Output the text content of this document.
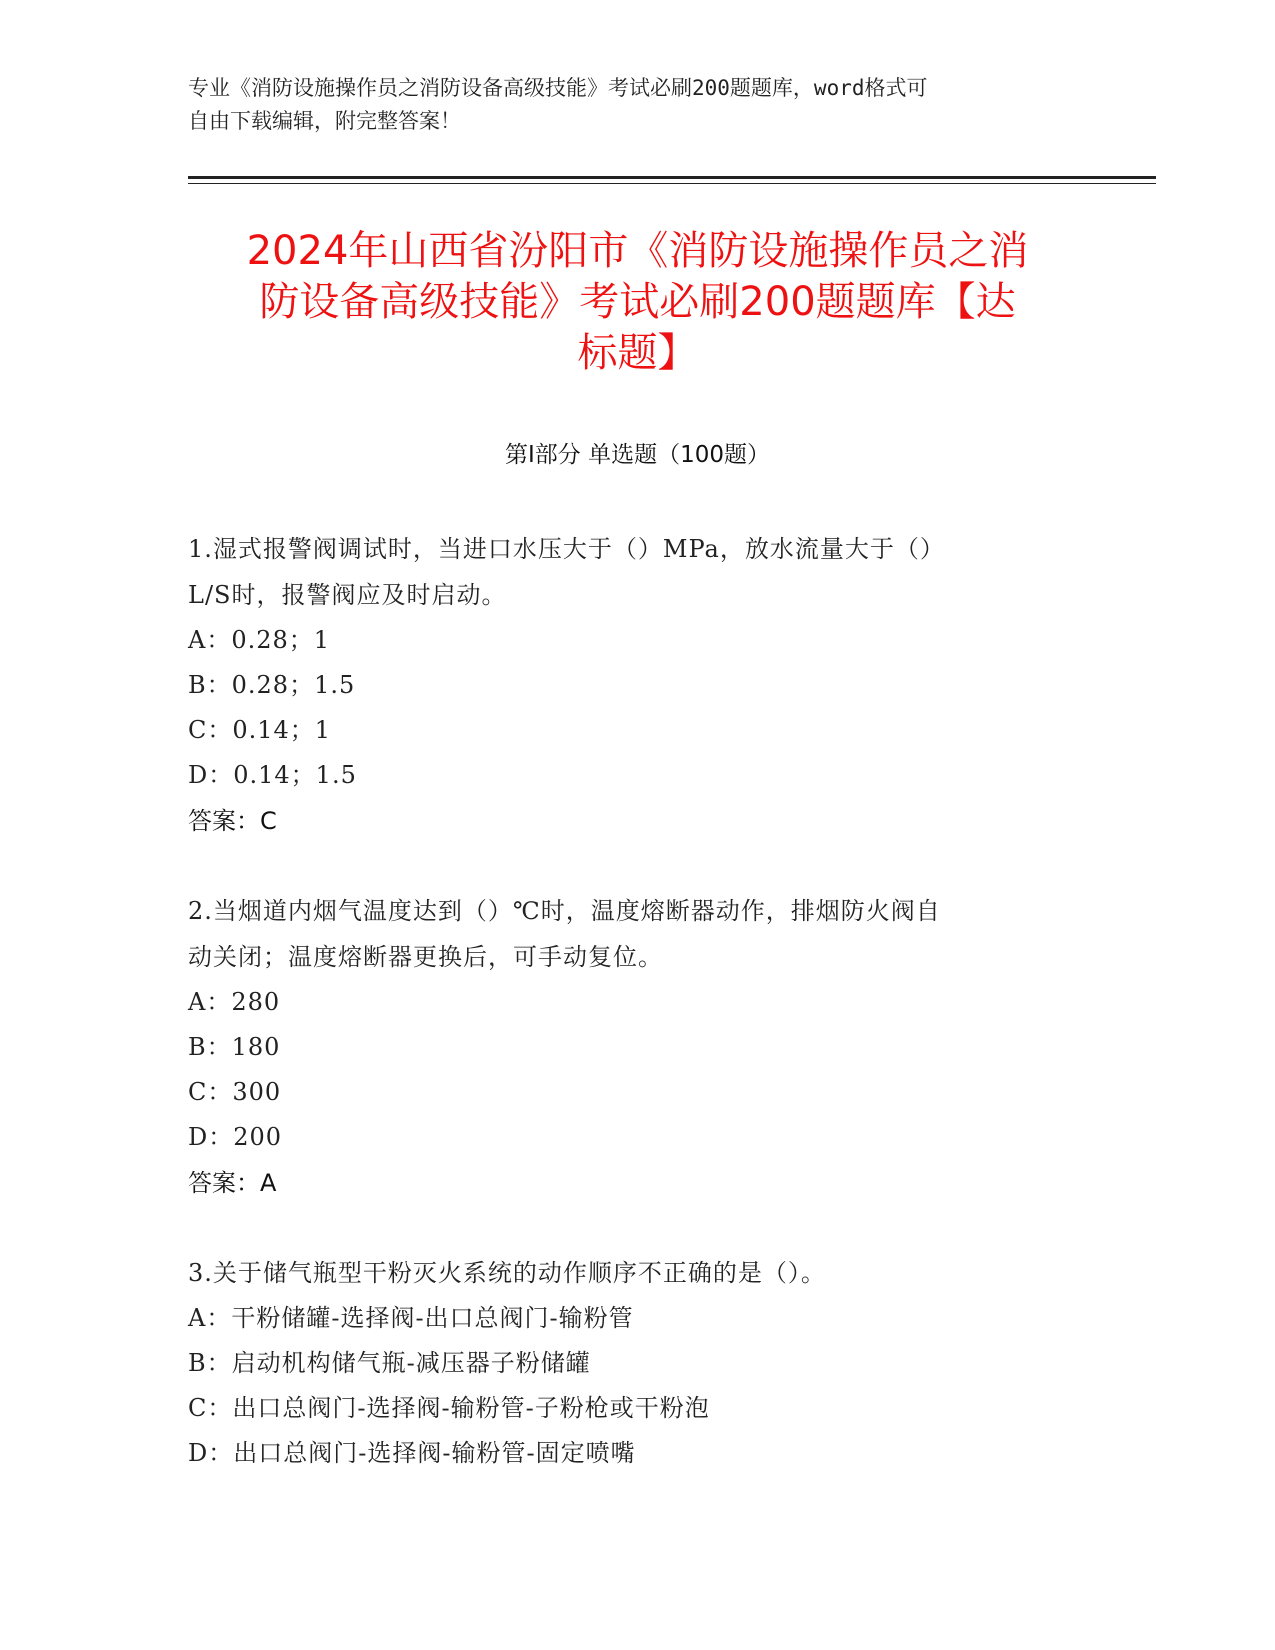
专业《消防设施操作员之消防设备高级技能》考试必刷200题题库，word格式可
自由下载编辑，附完整答案！
2024年山西省汾阳市《消防设施操作员之消
防设备高级技能》考试必刷200题题库【达
标题】
第Ⅰ部分 单选题（100题）
1.湿式报警阀调试时，当进口水压大于（）MPa，放水流量大于（）
L/S时，报警阀应及时启动。
A：0.28；1
B：0.28；1.5
C：0.14；1
D：0.14；1.5
答案：C
2.当烟道内烟气温度达到（）℃时，温度熔断器动作，排烟防火阀自
动关闭；温度熔断器更换后，可手动复位。
A：280
B：180
C：300
D：200
答案：A
3.关于储气瓶型干粉灭火系统的动作顺序不正确的是（）。
A：干粉储罐-选择阀-出口总阀门-输粉管
B：启动机构储气瓶-减压器子粉储罐
C：出口总阀门-选择阀-输粉管-子粉枪或干粉泡
D：出口总阀门-选择阀-输粉管-固定喷嘴
